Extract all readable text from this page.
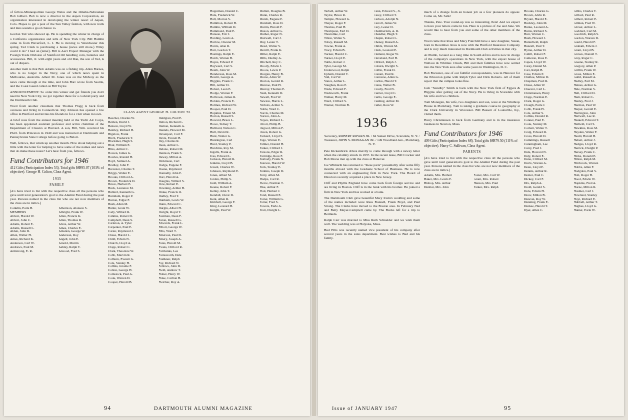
of fellow-Minneapolitan George Weiss and the Omaha-Nebraskan Bob Gilbert. Bob is now a director in the Aspen Corporation, an organization interested in developing the winter resort of Aspen, Colo. Hopes to get a post of the Sun Valley fashion, with new trails and inns sounds a good chance to.

Gordon Tait who showed up. He is spending the winter in charge of a California organization and tells of New York City. Bill Hamlin came in from Haverford, L. I. He is moving to Westchester this spring. Ted Clark is purchasing a house (news still more.) Wiley could it do? I had an (letter). Bill is Ass't Export Manager with the Foreign Trade Division of Stamford Oil handling coin, batteries and accessories. Bill, Jr. with eight years and old Dan, the son of Ted, is out of diapers.

Another item is that Bob Adams was on a fishing trip. Allen Barnes, who is no longer in the Navy, one of which news spent in Melbourne, Australia. Albert M. Jones was on the Midway as the news came through at the time, and John Barr wrote from Seattle, and the Coast Guard called on Bill Taylor.

ANNOUNCEMENT: So order this winter and get friends you don't need in New York City, we got together there for a cocktail party and the Dartmouth Club.

Word from another classmate that Thomas Flagg is back from overseas and living in Connecticut. Ray Johnson has opened a law office in Hartford and invites his friends in for a visit when in town.

A brief note from the annual meeting held at the Yacht Air Corps, has been appointed assistant professor and active chairman of the Department of Classics at Harvard. A son, Bill, Wm. received his Ph.D. from Princeton in 1940 and was instructed at Dartmouth and Pennsylvania State College before going to Beloit.

Well, fellows, that winds up another month. How about helping out a little with the letter for helping to have some of the names and news that do make these notes? Let's hear from you, fellows.

Fund Contributors for 1946
412 Gifts (Participation Index 53). Total gifts $8895.07 (103% of objective). George H. Colton, Class Agent.
1935
FAMILY
(A's have tried to list with the respective class all the persons who gave until total generation's goal to the Alumni Fund during the past year. Persons named in the class list who are not now members of the class are in italics.)
Conklin, Earle B.
MEMBERS
Abbott, Harold W.
Abbott, John C.
Adams, Robert E.
Adams, Russell L.
Alden, John D.
Allen, Walter H.
Ames, Richard K.
Anderson, Carl W.
Andrews, Paul M.
Armstrong, E. R.
Albertson, Alanson S.
Albright, Frank W.
Allen, Francis K.
Allen, Thomas R.
Alves, Arthur W.
Ames, Charles E.
Amsden, George W.
Anderson, Roy
Angell, John E.
Arnold, Martin
Ashley, Ralph T.
Atwood, Fred S.
CLASS AGENT GEORGE H. COLTON '35
Beecher, Charles W.
Belden, David J.
Benson, Lloyd W.
Bentley, Richard B.
Bigelow, Frank
Birch, Frederick T.
Blackmer, Hugh S.
Blair, William E.
Bliss, Arthur C.
Bowen, James G.
Bowles, Ronald H.
Boyd, Samuel A.
Bradley, John F.
Brewster, Charles T.
Briggs, Walter E.
Brooks, Clifford A.
Brown, Frederick D.
Bruce, Herbert E.
Buck, Laurence M.
Bullard, Kenneth G.
Burnham, Roger P.
Burton, Edgar F.
Bush, Allen M.
Butler, Grant W.
Cady, Willard R.
Calkins, Robert D.
Campbell, Dean S.
Carleton, A. Tyler
Carpenter, Paul E.
Carter, Raymond J.
Chase, Harold L.
Child, Edwin N.
Church, Lloyd A.
Clapp, Robert C.
Clark, Theodore W.
Cobb, Marvin R.
Colburn, Everett G.
Cole, Stanley H.
Collins, Jerome F.
Colton, George H.
Comstock, Paul A.
Cook, Warren D.
Cooper, Harold B.
Dahlgren, Fred E.
Dalton, Richard L.
Damon, Kenneth A.
Daniels, Howard M.
Davenport, Carl F.
Davis, Everett B.
Day, Charles R.
Dean, Arthur L.
Delano, Robert M.
Denison, Frank S.
Dewey, Milton A.
Dickinson, Carl
Dodge, Eugene F.
Doane, Raymond
Donnelly, John P.
Dorr, Harold A.
Douglas, Willard S.
Dow, Robert E.
Downing, Arthur B.
Drake, Francis O.
Dudley, Fred T.
Dunham, Lewis W.
Dunn, Edward C.
Durgin, Albert H.
Dwight, Royal T.
Eastman, Dean F.
Eaton, Russell G.
Edwards, Frank L.
Elliott, George W.
Ellis, Ward T.
Emerson, Paul D.
Emery, Joseph A.
Estes, Harold M.
Evans, Clifford R.
Fairbanks, Lee
Farnsworth, Dale
Faulkner, Ralph
Fay, Richard N.
Fellows, John D.
Field, Andrew T.
Fisher, Harry W.
Fiske, Carlton B.
Fletcher, Roy A.
Hagerman, Donald C.
Hale, Frederick W.
Hall, Morton S.
Hamilton, Robert B.
Hamlin, William D.
Hammond, Paul E.
Hanson, Eric J.
Harding, Lewis A.
Harlow, Chester M.
Harris, Alan R.
Hart, Gordon T.
Hastings, Ralph E.
Hatch, Warren B.
Hayes, Edward P.
Hayward, Carl S.
Heath, John W.
Henderson, Ross M.
Hewitt, George A.
Higgins, Frank C.
Hill, Arthur D.
Hobart, Leon E.
Hodge, Warren F.
Holbrook, James R.
Holden, Francis E.
Holmes, Richard W.
Hooper, Paul D.
Hopkins, Ernest M.
Horton, Russell S.
Howard, Bruce L.
Howe, Sidney T.
Hubbard, Nelson C.
Hull, David R.
Hunt, Walter G.
Huntington, Carl
Hurd, Stanley P.
Hutchins, Roy M.
Ingalls, Frank A.
Ives, Edward L.
Jackson, Harold R.
Jenkins, Lloyd B.
Jewett, Charles W.
Johnson, Raymond E.
Jones, Albert M.
Jordan, Philip S.
Judd, William A.
Keene, Robert F.
Kelley, John T.
Kendall, Oscar D.
Kent, Allen R.
Kimball, George F.
King, Leonard B.
Knight, Paul W.
Mallett, Douglas B.
Mann, Charles R.
Marsh, Eugene P.
Marshall, Ross D.
Martin, Harold F.
Mason, Arthur G.
Mather, Roger N.
Maxwell, Carl J.
May, Lester T.
Mead, Walter S.
Merrill, Frank K.
Miller, Ralph E.
Mills, Dudley A.
Mitchell, Roy C.
Moody, Edwin J.
Moore, Lewis P.
Morgan, Henry B.
Morse, Allan W.
Morton, Gerald R.
Munroe, Paul H.
Murray, Thomas E.
Nash, Kenneth D.
Newell, Fred W.
Newton, Harris L.
Nichols, Arthur S.
Noble, Ward C.
Norris, Charles M.
Norton, John A.
Noyes, Richard L.
Olcott, Philip B.
Osgood, Milton F.
Owen, Robert G.
Packard, Lloyd S.
Page, Warren E.
Palmer, Donald H.
Parker, Clifford J.
Parsons, Edgar R.
Partridge, Ross F.
Peabody, Frank N.
Pearson, Harold W.
Peck, Stanley E.
Perkins, Joseph D.
Perry, Allen M.
Phelps, Carl R.
Pierce, Norman T.
Pike, Arthur F.
Platt, Herbert J.
Pond, Russell E.
Porter, William G.
Potter, Fred S.
Powers, Earle A.
Pratt, Dwight L.
94	DARTMOUTH ALUMNI MAGAZINE
Tarbell, Arthur W.
Taylor, Bruce R.
Temple, Howard G.
Thayer, Roger F.
Thomas, Paul H.
Thompson, Earl D.
Thorndike, Carl
Tilton, Walter S.
Tobey, Russell M.
Towne, Frank A.
Tracy, Edwin B.
Tucker, Harold C.
Turner, Lloyd E.
Tuttle, Robert J.
Tyler, George M.
Underwood, Ralph
Upham, Donald T.
Vail, Carl W.
Vance, Arthur L.
Vaughan, Ross P.
Wade, Edward F.
Wadsworth, Frank
Walker, Harry M.
Ward, Clifford S.
Warner, Norman B.
Cann, Edward S., Jr.
Carey, Clifford T.
Carlson, Adolph N.
Carroll, James W.
Cary, Lester D.
Chamberlain, A. R.
Chandler, Hugh T.
Chapin, Robert L.
Cheney, Russell A.
Childs, Warren M.
Clark, Leonard E.
Clement, Roger W.
Cleveland, Earl B.
Clifford, Ralph J.
Coburn, Dwight S.
Coffin, Frank D.
Conant, Paul R.
Converse, Allen G.
Corliss, Harold T.
Crane, Walter B.
Crosby, Fred N.
Currier, Lloyd C.
Curtis, George E.
Cushing, Arthur M.
Cutler, Ross W.
1936
Secretary, ROBERT ROWAN JR. / 64 Sunset Drive, Scarsdale, N. Y. / Treasurer, JOHN S. MONAGAN JR. / 149 Woodland Ave., Plattsburg, N. Y.

Pete Kickenbrick drives merrily to come through with a newsy letter when the calamity struck in 1937. In the recent issue, Bill Crocker and Bob Morse met up with the class at Hanover.

Joe Wilmarth has returned to "these parts" presumably after some fifty months abroad with the Graduate School of Business. He is now connected with an engineering firm in New York. The Board of Directors recently acquired a place in New Jersey.

Cliff and Phyllis Englund have come back from foreign service and are living in Boston. Cliff is in the bank with his brother. He joined a firm in New York and has worked at a bank.

The Dartmouth Club gave beautiful Mary Irwin's wedding and some of the names included were Russ Bonnell, Frank Boyd, and Paul Strong. The Clarks have moved to the Boston area. In February Ned and Betty Meyer-Campbell came by. The Bucks left for a trip to Bermuda.

Ralph Carr was married to Miss Ruth Schneider and we wish them well. The wedding was at Holyoke, Mass.

Bud Ellis was recently named vice president of his company after several years in the sales department. Best wishes to Bud and his family.

much of a change from an honest job as a few pioneers do appear. Come on, Mr. Salk!

Thanks, Pete. Your round-up was so interesting, Pete! And we expect to have your letters come in Jan. Here is a picture of Joe and June. We would like to hear from you and some of the other members of the class.

Word came that Ross and Mary Fairchild have a new daughter, Susan, born in December. Ross is now with the Hartford Insurance Company and is very much interested in Dartmouth Club activities in that city.

At Plumb, located as a long time in South Africa and is now in charge of the company's operations in New York, with the export house of Wallace & Whittier. Chuck, Bill and their families have now settled into the New York area after some years in Washington, D. C.

Bob Brewster, one of our faithful correspondents, was in Hanover for the Princeton game with Ralph Tyler and Dick Roberts. All of them report that the campus looks fine.

Josh "Standby" Smith is back with the New York firm of Eggers & Higgins after getting out of the Navy. He is living in Scarsdale with his wife and two children.

Tom Monagan, his wife, two daughters and son, were at the Winthrop House in Plattsburg. Tom is taking a graduate course in geography at the Clark University in Worcester. Bill Bassett of Louisville, Ky., visited them.

Harry Christiansen is back from Germany and is in the insurance business in Newton, Mass.

Fund Contributors for 1946
409 Gifts (Participation Index 68). Total gifts $8879.50 (111% of objective). Harry C. Sullivan, Class Agent.
PARENTS
(A's have tried to list with the respective class all the persons who gave until total generation's goal to the Alumni Fund during the past year. Persons named in the class list who are not now members of the class are in italics.)
Adams, Mrs. Herbert
Baker, Mrs. Lewis P.
Bishop, Mrs. Arthur
Dunbar, Mrs. John
Foster, Mrs. Carl W.
Grant, Mrs. Robert
Hanson, Mrs. Paul
Parker, Mrs. Ralph
Brooks, Charles G.
Brown, Alvin R.
Bryant, Harold E.
Buckley, John M.
Burke, Leonard A.
Burns, Richard S.
Burr, Warren C.
Bush, Howard J.
Butterfield, Ralph
Buzzell, Paul T.
Byrne, Arthur D.
Cahill, Robert F.
Cameron, Ross E.
Capen, Lloyd W.
Carey, Daniel M.
Carr, Ralph B.
Case, Edwin P.
Chaffee, Milton D.
Chapman, Fred R.
Chase, Allen W.
Cheever, Carl L.
Christiansen, Harry
Clapp, Norman E.
Clark, Roger G.
Clough, Earle J.
Cobb, Frank H.
Cole, Arthur S.
Collins, Donald R.
Conner, Paul E.
Cook, Stanley M.
Corbett, Walter T.
Craig, Edward R.
Cross, Harold D.
Cummings, Russell
Cunningham, Lee
Curry, Fred J.
Dale, Howard N.
Daly, Robert E.
Dana, Clifford M.
Davis, Warren A.
Dean, Lloyd P.
Dennis, Arthur R.
Dexter, Paul C.
Dickey, Carl F.
Dix, Ralph A.
Dodd, Gerald S.
Dole, Edwin H.
Drew, Milton B.
Duncan, Roy W.
Dunning, Frank E.
Durkee, Harold T.
Dyer, Allen C.
Gibbs, Charles T.
Gifford, Paul R.
Gilbert, Robert E.
Gilman, Fred W.
Glover, Arthur L.
Goddard, Carl M.
Goodrich, Ralph S.
Gordon, Warren D.
Gould, Harold F.
Graham, Edwin J.
Grant, Lloyd B.
Graves, Donald T.
Gray, Roger C.
Greene, Stanley R.
Gregory, Allen P.
Griffin, Frank W.
Gross, Milton E.
Guild, Russell A.
Hadley, Earl M.
Haines, Arthur G.
Hale, Norman S.
Hall, Clifford D.
Ham, Robert L.
Hanley, Fred J.
Harmon, Paul W.
Harper, Gerald E.
Harrington, John
Hartwell, Lee R.
Haskell, Edward T.
Hatfield, Carl S.
Hawkins, Ross M.
Hayden, Walter F.
Heald, Harold B.
Hebert, Arthur J.
Hedges, Lloyd R.
Herrick, Dwight P.
Hersey, Frank C.
Hicks, Donald E.
Hilton, Ralph M.
Hitchcock, Warren
Hobbs, Allen F.
Hodgdon, Paul S.
Holt, Roger B.
Hood, Edwin W.
Hopkins, Fred A.
Horne, Milton R.
Hosmer, Carl J.
Howland, Stanley
Hoyt, Richard E.
Hubbell, Arthur T.
Hughes, Lloyd G.
Hunter, Earle W.
Issue of JANUARY 1947	95
